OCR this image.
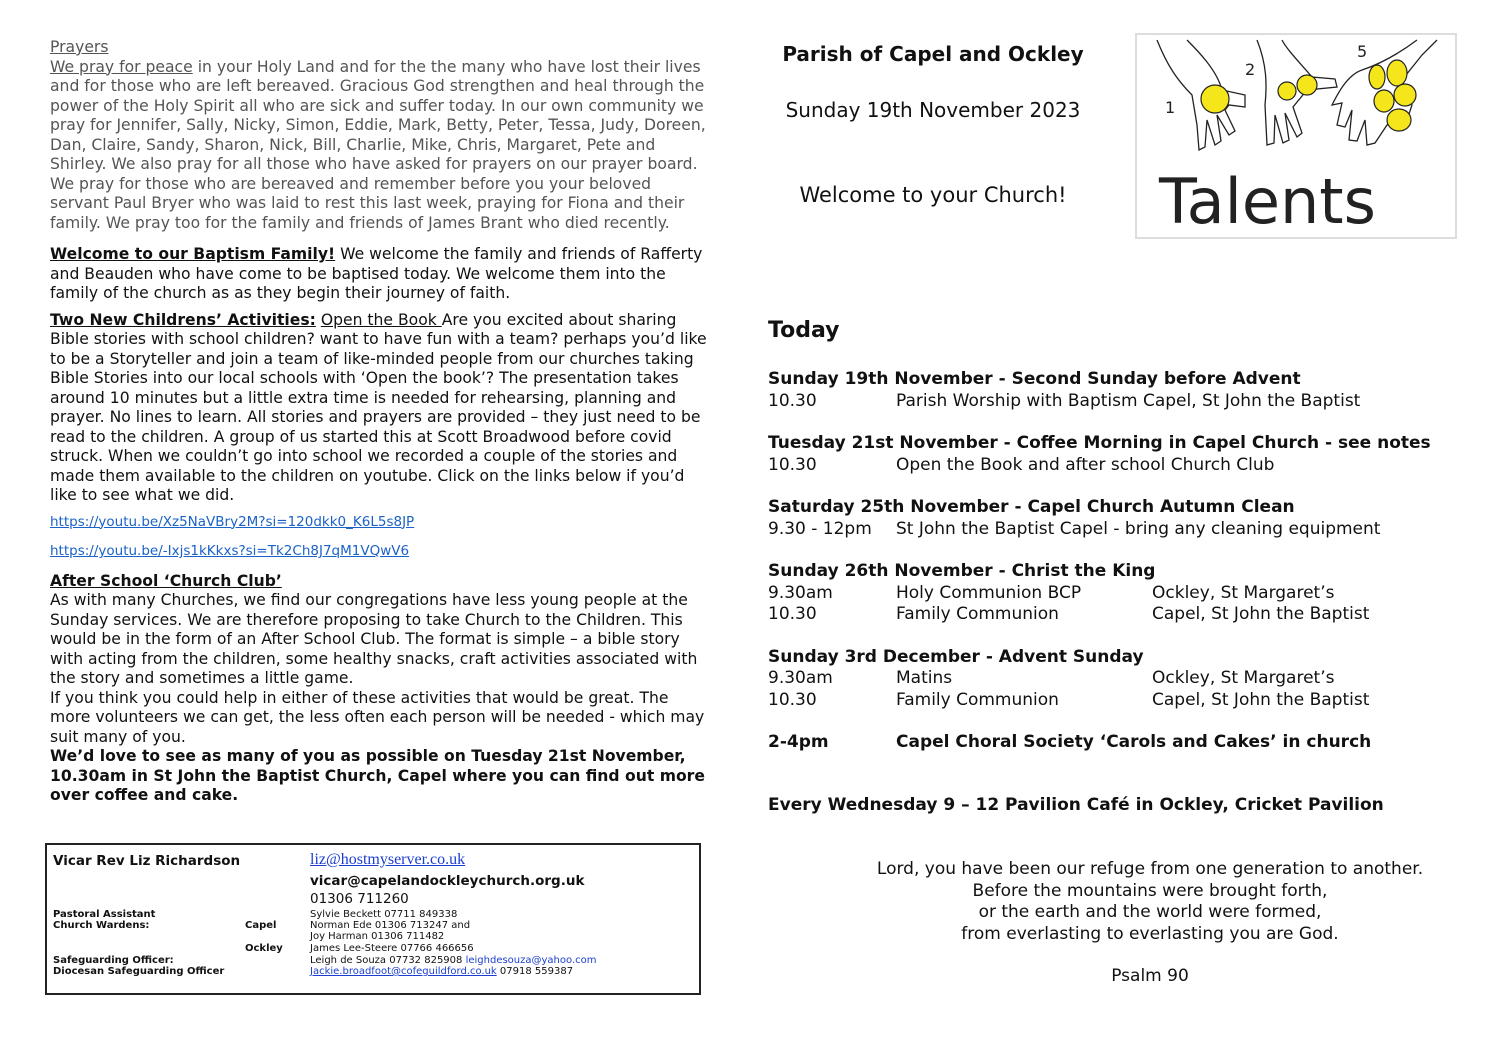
Prayers

We pray for peace in your Holy Land and for the the many who have lost their lives and for those who are left bereaved. Gracious God strengthen and heal through the power of the Holy Spirit all who are sick and suffer today. In our own community we pray for Jennifer, Sally, Nicky, Simon, Eddie, Mark, Betty, Peter, Tessa, Judy, Doreen, Dan, Claire, Sandy, Sharon, Nick, Bill, Charlie, Mike, Chris, Margaret, Pete and Shirley. We also pray for all those who have asked for prayers on our prayer board. We pray for those who are bereaved and remember before you your beloved servant Paul Bryer who was laid to rest this last week, praying for Fiona and their family. We pray too for the family and friends of James Brant who died recently.

Welcome to our Baptism Family! We welcome the family and friends of Rafferty and Beauden who have come to be baptised today. We welcome them into the family of the church as as they begin their journey of faith.

Two New Childrens’ Activities: Open the Book Are you excited about sharing Bible stories with school children? want to have fun with a team? perhaps you’d like to be a Storyteller and join a team of like-minded people from our churches taking Bible Stories into our local schools with ‘Open the book’? The presentation takes around 10 minutes but a little extra time is needed for rehearsing, planning and prayer. No lines to learn. All stories and prayers are provided – they just need to be read to the children. A group of us started this at Scott Broadwood before covid struck. When we couldn’t go into school we recorded a couple of the stories and made them available to the children on youtube. Click on the links below if you’d like to see what we did.

https://youtu.be/Xz5NaVBry2M?si=120dkk0_K6L5s8JP
https://youtu.be/-Ixjs1kKkxs?si=Tk2Ch8J7qM1VQwV6

After School ‘Church Club’

As with many Churches, we find our congregations have less young people at the Sunday services. We are therefore proposing to take Church to the Children. This would be in the form of an After School Club. The format is simple – a bible story with acting from the children, some healthy snacks, craft activities associated with the story and sometimes a little game.

If you think you could help in either of these activities that would be great. The more volunteers we can get, the less often each person will be needed - which may suit many of you.

We’d love to see as many of you as possible on Tuesday 21st November, 10.30am in St John the Baptist Church, Capel where you can find out more over coffee and cake.

Vicar Rev Liz Richardson	liz@hostmyserver.co.uk
vicar@capelandockleychurch.org.uk
01306 711260
Pastoral Assistant	Sylvie Beckett 07711 849338
Church Wardens:	Capel	Norman Ede 01306 713247 and
Joy Harman 01306 711482
Ockley	James Lee-Steere 07766 466656
Safeguarding Officer:	Leigh de Souza 07732 825908 leighdesouza@yahoo.com
Diocesan Safeguarding Officer	Jackie.broadfoot@cofeguildford.co.uk 07918 559387
Parish of Capel and Ockley
Sunday 19th November 2023
Welcome to your Church!
1
2
5
Talents
Today
Sunday 19th November - Second Sunday before Advent
10.30	Parish Worship with Baptism Capel, St John the Baptist
Tuesday 21st November - Coffee Morning in Capel Church - see notes
10.30	Open the Book and after school Church Club
Saturday 25th November - Capel Church Autumn Clean
9.30 - 12pm St John the Baptist Capel - bring any cleaning equipment
Sunday 26th November - Christ the King
9.30am	Holy Communion BCP	Ockley, St Margaret’s
10.30	Family Communion	Capel, St John the Baptist
Sunday 3rd December - Advent Sunday
9.30am	Matins	Ockley, St Margaret’s
10.30	Family Communion	Capel, St John the Baptist
2-4pm	Capel Choral Society ‘Carols and Cakes’ in church
Every Wednesday 9 – 12 Pavilion Café in Ockley, Cricket Pavilion
Lord, you have been our refuge from one generation to another.
Before the mountains were brought forth,
or the earth and the world were formed,
from everlasting to everlasting you are God.
Psalm 90
